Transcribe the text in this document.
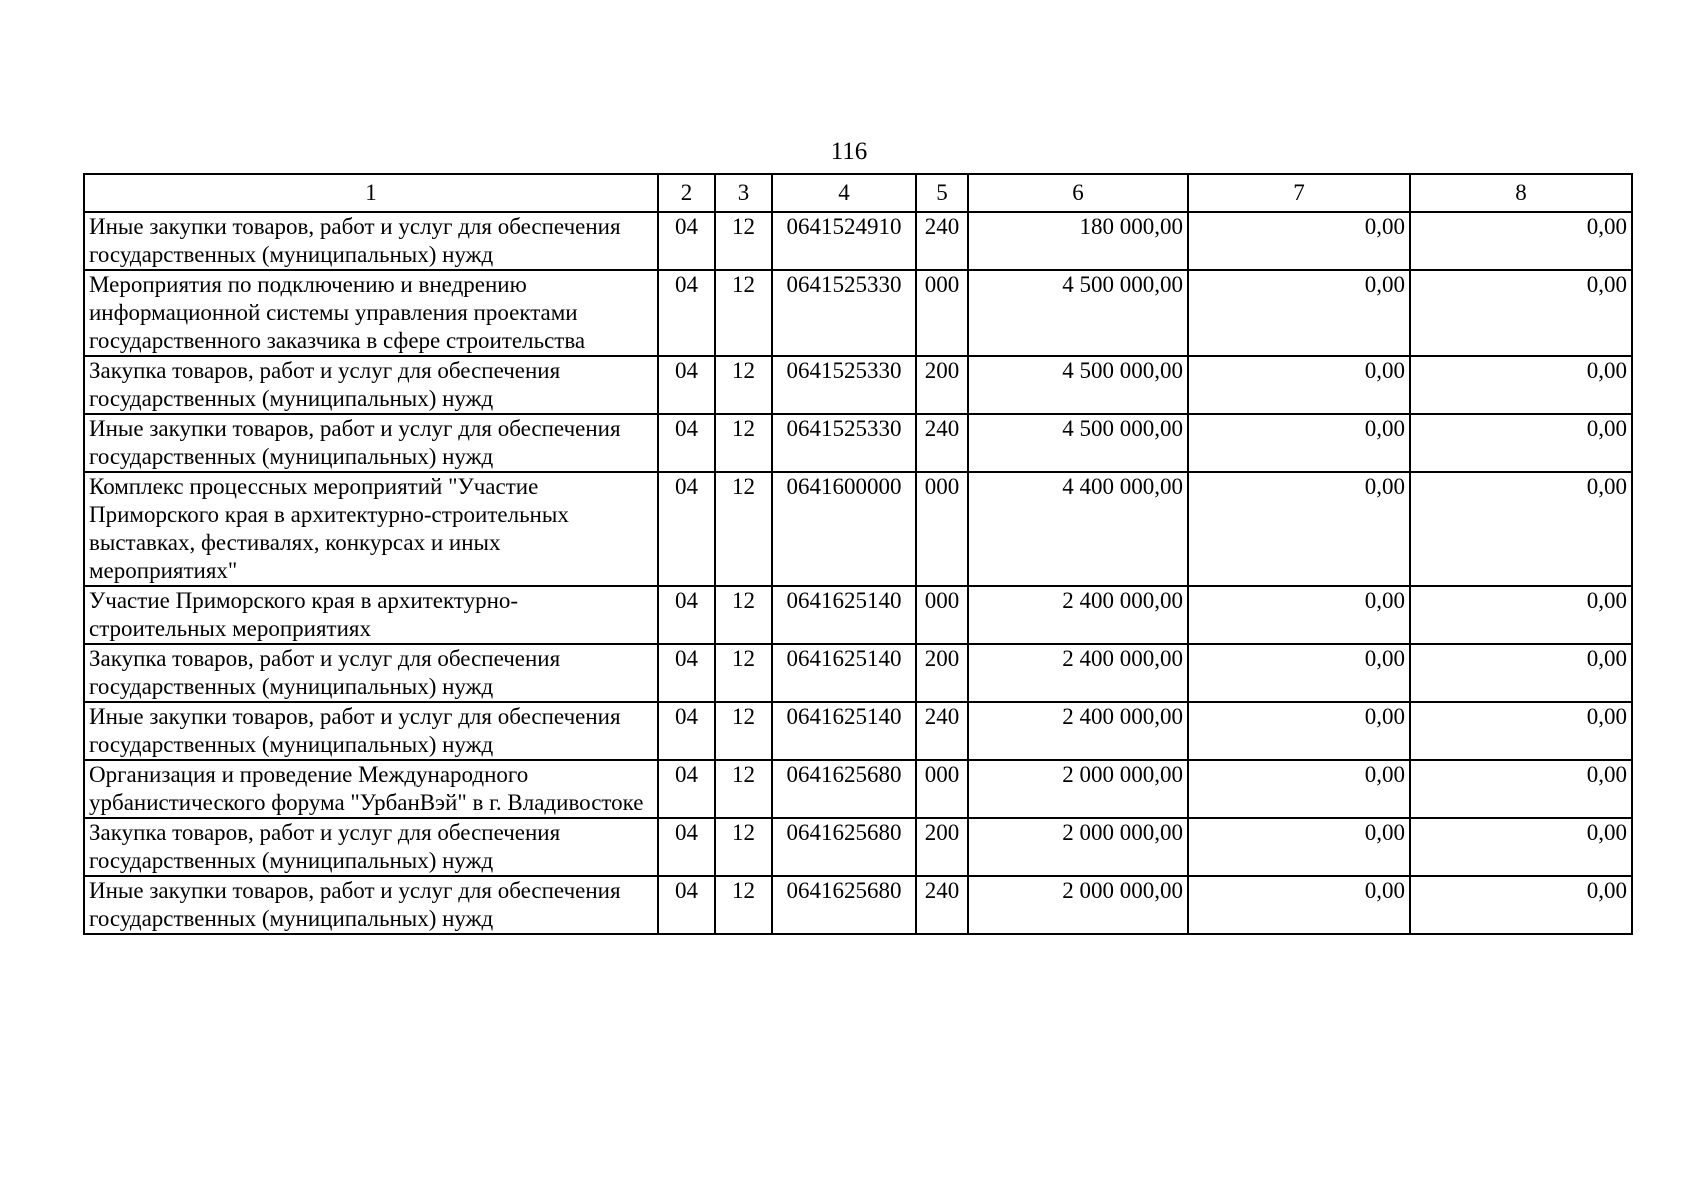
116
1	2	3	4	5	6	7	8
Иные закупки товаров, работ и услуг для обеспечения государственных (муниципальных) нужд	04	12	0641524910	240	180 000,00	0,00	0,00
Мероприятия по подключению и внедрению информационной системы управления проектами государственного заказчика в сфере строительства	04	12	0641525330	000	4 500 000,00	0,00	0,00
Закупка товаров, работ и услуг для обеспечения государственных (муниципальных) нужд	04	12	0641525330	200	4 500 000,00	0,00	0,00
Иные закупки товаров, работ и услуг для обеспечения государственных (муниципальных) нужд	04	12	0641525330	240	4 500 000,00	0,00	0,00
Комплекс процессных мероприятий "Участие Приморского края в архитектурно-строительных выставках, фестивалях, конкурсах и иных мероприятиях"	04	12	0641600000	000	4 400 000,00	0,00	0,00
Участие Приморского края в архитектурно-строительных мероприятиях	04	12	0641625140	000	2 400 000,00	0,00	0,00
Закупка товаров, работ и услуг для обеспечения государственных (муниципальных) нужд	04	12	0641625140	200	2 400 000,00	0,00	0,00
Иные закупки товаров, работ и услуг для обеспечения государственных (муниципальных) нужд	04	12	0641625140	240	2 400 000,00	0,00	0,00
Организация и проведение Международного урбанистического форума "УрбанВэй" в г. Владивостоке	04	12	0641625680	000	2 000 000,00	0,00	0,00
Закупка товаров, работ и услуг для обеспечения государственных (муниципальных) нужд	04	12	0641625680	200	2 000 000,00	0,00	0,00
Иные закупки товаров, работ и услуг для обеспечения государственных (муниципальных) нужд	04	12	0641625680	240	2 000 000,00	0,00	0,00
